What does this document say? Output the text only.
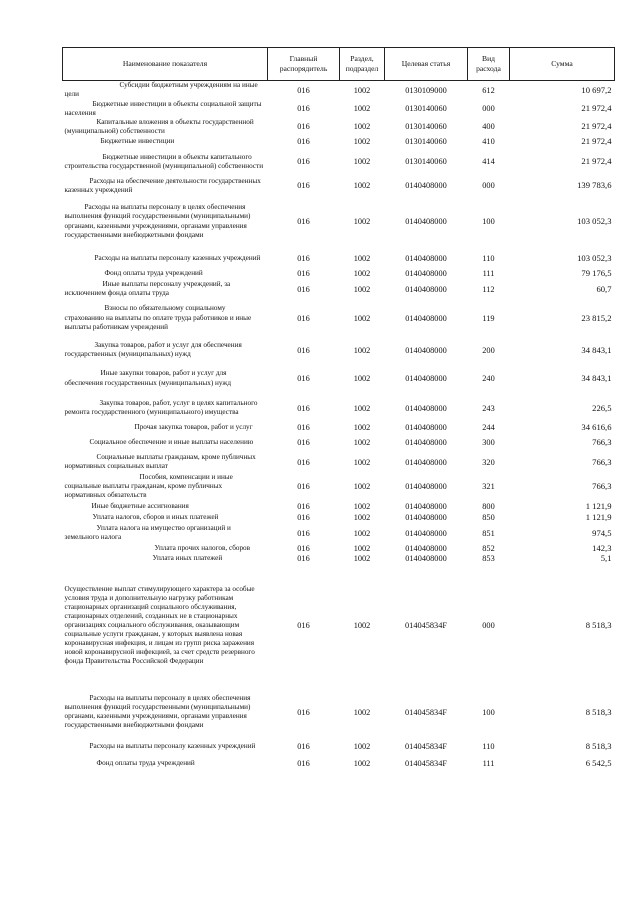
Наименование показателя	Главный распорядитель	Раздел, подраздел	Целевая статья	Вид расхода	Сумма
Субсидии бюджетным учреждениям на иные цели	016	1002	0130109000	612	10 697,2
Бюджетные инвестиции в объекты социальной защиты населения	016	1002	0130140060	000	21 972,4
Капитальные вложения в объекты государственной (муниципальной) собственности	016	1002	0130140060	400	21 972,4
Бюджетные инвестиции	016	1002	0130140060	410	21 972,4
Бюджетные инвестиции в объекты капитального строительства государственной (муниципальной) собственности	016	1002	0130140060	414	21 972,4
Расходы на обеспечение деятельности государственных казенных учреждений	016	1002	0140408000	000	139 783,6
Расходы на выплаты персоналу в целях обеспечения выполнения функций государственными (муниципальными) органами, казенными учреждениями, органами управления государственными внебюджетными фондами	016	1002	0140408000	100	103 052,3
Расходы на выплаты персоналу казенных учреждений	016	1002	0140408000	110	103 052,3
Фонд оплаты труда учреждений	016	1002	0140408000	111	79 176,5
Иные выплаты персоналу учреждений, за исключением фонда оплаты труда	016	1002	0140408000	112	60,7
Взносы по обязательному социальному страхованию на выплаты по оплате труда работников и иные выплаты работникам учреждений	016	1002	0140408000	119	23 815,2
Закупка товаров, работ и услуг для обеспечения государственных (муниципальных) нужд	016	1002	0140408000	200	34 843,1
Иные закупки товаров, работ и услуг для обеспечения государственных (муниципальных) нужд	016	1002	0140408000	240	34 843,1
Закупка товаров, работ, услуг в целях капитального ремонта государственного (муниципального) имущества	016	1002	0140408000	243	226,5
Прочая закупка товаров, работ и услуг	016	1002	0140408000	244	34 616,6
Социальное обеспечение и иные выплаты населению	016	1002	0140408000	300	766,3
Социальные выплаты гражданам, кроме публичных нормативных социальных выплат	016	1002	0140408000	320	766,3
Пособия, компенсации и иные социальные выплаты гражданам, кроме публичных нормативных обязательств	016	1002	0140408000	321	766,3
Иные бюджетные ассигнования	016	1002	0140408000	800	1 121,9
Уплата налогов, сборов и иных платежей	016	1002	0140408000	850	1 121,9
Уплата налога на имущество организаций и земельного налога	016	1002	0140408000	851	974,5
Уплата прочих налогов, сборов	016	1002	0140408000	852	142,3
Уплата иных платежей	016	1002	0140408000	853	5,1
Осуществление выплат стимулирующего характера за особые условия труда и дополнительную нагрузку работникам стационарных организаций социального обслуживания, стационарных отделений, созданных не в стационарных организациях социального обслуживания, оказывающим социальные услуги гражданам, у которых выявлена новая коронавирусная инфекция, и лицам из групп риска заражения новой коронавирусной инфекцией, за счет средств резервного фонда Правительства Российской Федерации	016	1002	014045834F	000	8 518,3
Расходы на выплаты персоналу в целях обеспечения выполнения функций государственными (муниципальными) органами, казенными учреждениями, органами управления государственными внебюджетными фондами	016	1002	014045834F	100	8 518,3
Расходы на выплаты персоналу казенных учреждений	016	1002	014045834F	110	8 518,3
Фонд оплаты труда учреждений	016	1002	014045834F	111	6 542,5
